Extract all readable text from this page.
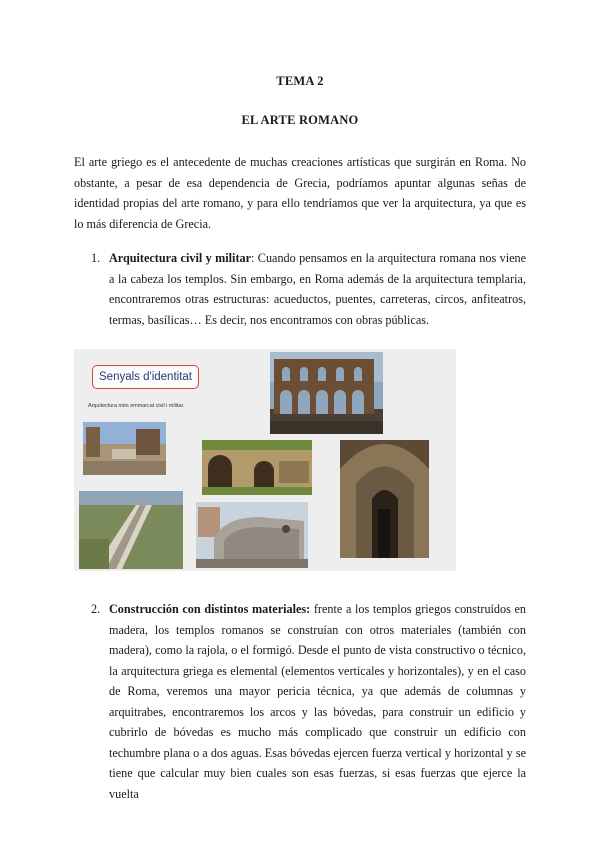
TEMA 2
EL ARTE ROMANO

El arte griego es el antecedente de muchas creaciones artísticas que surgirán en Roma. No obstante, a pesar de esa dependencia de Grecia, podríamos apuntar algunas señas de identidad propias del arte romano, y para ello tendríamos que ver la arquitectura, ya que es lo más diferencia de Grecia.

1. Arquitectura civil y militar: Cuando pensamos en la arquitectura romana nos viene a la cabeza los templos. Sin embargo, en Roma además de la arquitectura templaria, encontraremos otras estructuras: acueductos, puentes, carreteras, circos, anfiteatros, termas, basílicas… Es decir, nos encontramos con obras públicas.

Senyals d'identitat
Arquitectura més emmarcat civil i militar.
2. Construcción con distintos materiales: frente a los templos griegos construídos en madera, los templos romanos se construían con otros materiales (también con madera), como la rajola, o el formigó. Desde el punto de vista constructivo o técnico, la arquitectura griega es elemental (elementos verticales y horizontales), y en el caso de Roma, veremos una mayor pericia técnica, ya que además de columnas y arquitrabes, encontraremos los arcos y las bóvedas, para construir un edificio y cubrirlo de bóvedas es mucho más complicado que construir un edificio con techumbre plana o a dos aguas. Esas bóvedas ejercen fuerza vertical y horizontal y se tiene que calcular muy bien cuales son esas fuerzas, si esas fuerzas que ejerce la vuelta
